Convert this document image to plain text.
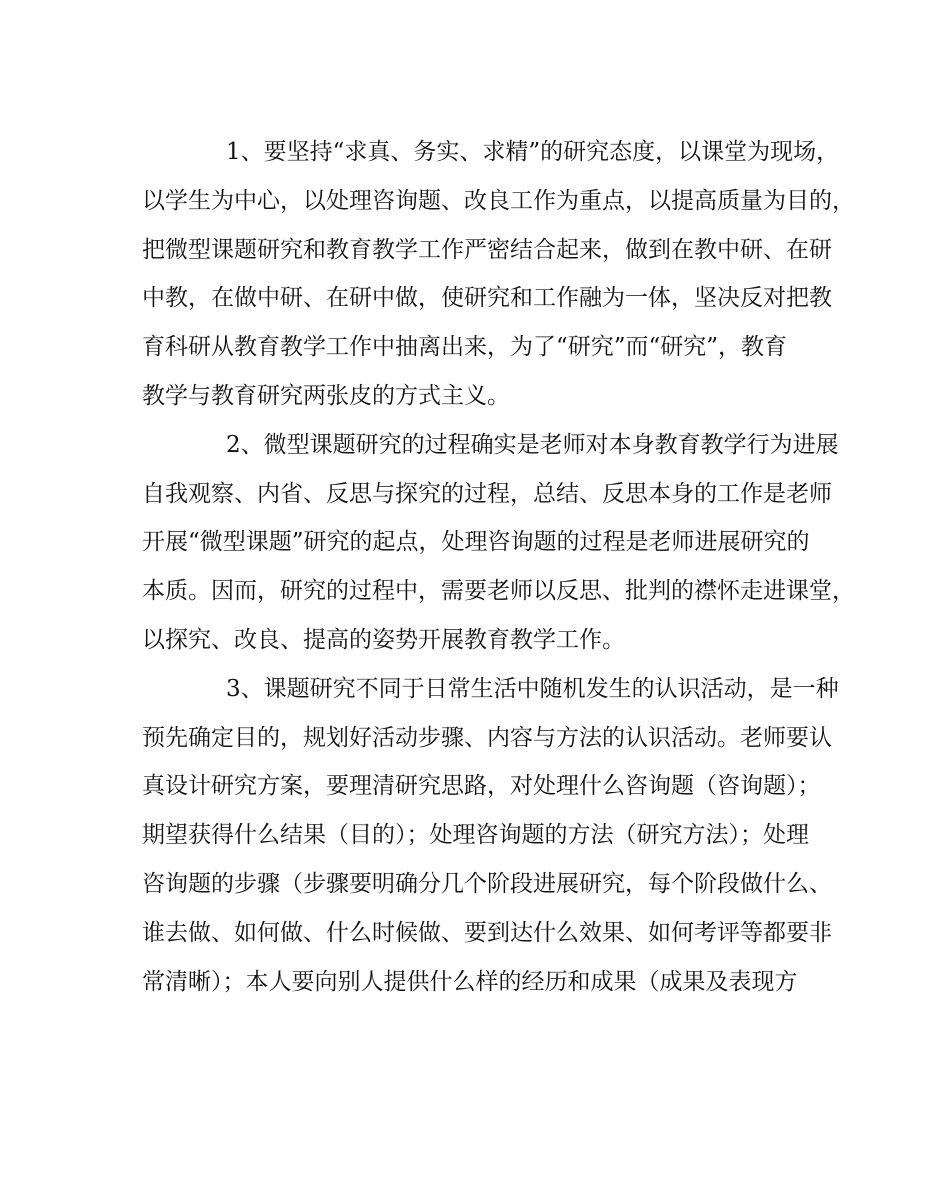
1、要坚持“求真、务实、求精”的研究态度，以课堂为现场，
以学生为中心，以处理咨询题、改良工作为重点，以提高质量为目的，
把微型课题研究和教育教学工作严密结合起来，做到在教中研、在研
中教，在做中研、在研中做，使研究和工作融为一体，坚决反对把教
育科研从教育教学工作中抽离出来，为了“研究”而“研究”，教育
教学与教育研究两张皮的方式主义。
2、微型课题研究的过程确实是老师对本身教育教学行为进展
自我观察、内省、反思与探究的过程，总结、反思本身的工作是老师
开展“微型课题”研究的起点，处理咨询题的过程是老师进展研究的
本质。因而，研究的过程中，需要老师以反思、批判的襟怀走进课堂，
以探究、改良、提高的姿势开展教育教学工作。
3、课题研究不同于日常生活中随机发生的认识活动，是一种
预先确定目的，规划好活动步骤、内容与方法的认识活动。老师要认
真设计研究方案，要理清研究思路，对处理什么咨询题（咨询题）；
期望获得什么结果（目的）；处理咨询题的方法（研究方法）；处理
咨询题的步骤（步骤要明确分几个阶段进展研究，每个阶段做什么、
谁去做、如何做、什么时候做、要到达什么效果、如何考评等都要非
常清晰）；本人要向别人提供什么样的经历和成果（成果及表现方
